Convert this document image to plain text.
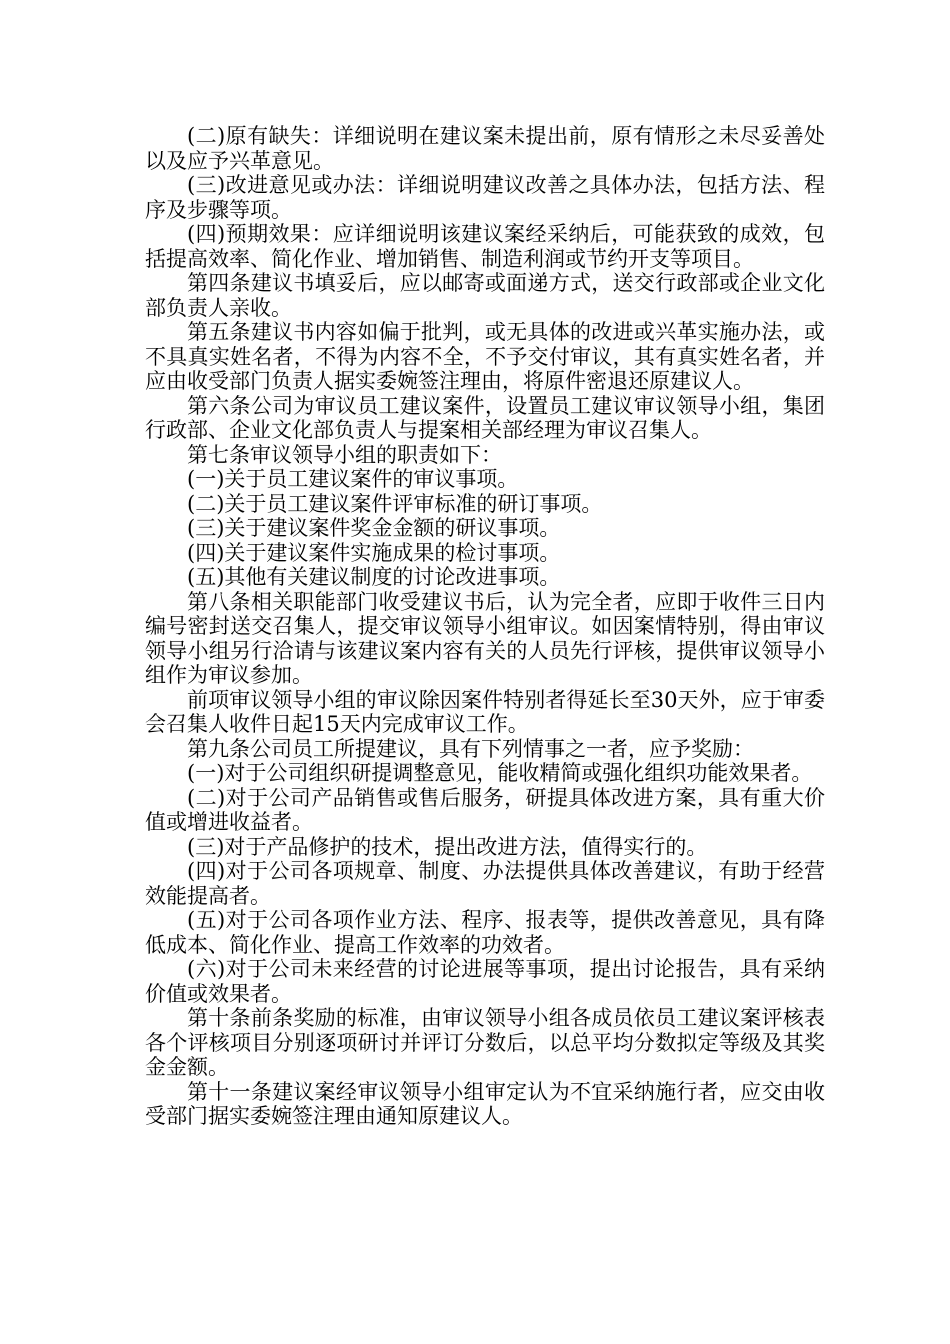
(二)原有缺失：详细说明在建议案未提出前，原有情形之未尽妥善处以及应予兴革意见。

(三)改进意见或办法：详细说明建议改善之具体办法，包括方法、程序及步骤等项。

(四)预期效果：应详细说明该建议案经采纳后，可能获致的成效，包括提高效率、简化作业、增加销售、制造利润或节约开支等项目。

第四条建议书填妥后，应以邮寄或面递方式，送交行政部或企业文化部负责人亲收。

第五条建议书内容如偏于批判，或无具体的改进或兴革实施办法，或不具真实姓名者，不得为内容不全，不予交付审议，其有真实姓名者，并应由收受部门负责人据实委婉签注理由，将原件密退还原建议人。

第六条公司为审议员工建议案件，设置员工建议审议领导小组，集团行政部、企业文化部负责人与提案相关部经理为审议召集人。

第七条审议领导小组的职责如下：

(一)关于员工建议案件的审议事项。

(二)关于员工建议案件评审标准的研订事项。

(三)关于建议案件奖金金额的研议事项。

(四)关于建议案件实施成果的检讨事项。

(五)其他有关建议制度的讨论改进事项。

第八条相关职能部门收受建议书后，认为完全者，应即于收件三日内编号密封送交召集人，提交审议领导小组审议。如因案情特别，得由审议领导小组另行洽请与该建议案内容有关的人员先行评核，提供审议领导小组作为审议参加。

前项审议领导小组的审议除因案件特别者得延长至30天外，应于审委会召集人收件日起15天内完成审议工作。

第九条公司员工所提建议，具有下列情事之一者，应予奖励：

(一)对于公司组织研提调整意见，能收精简或强化组织功能效果者。

(二)对于公司产品销售或售后服务，研提具体改进方案，具有重大价值或增进收益者。

(三)对于产品修护的技术，提出改进方法，值得实行的。

(四)对于公司各项规章、制度、办法提供具体改善建议，有助于经营效能提高者。

(五)对于公司各项作业方法、程序、报表等，提供改善意见，具有降低成本、简化作业、提高工作效率的功效者。

(六)对于公司未来经营的讨论进展等事项，提出讨论报告，具有采纳价值或效果者。

第十条前条奖励的标准，由审议领导小组各成员依员工建议案评核表各个评核项目分别逐项研讨并评订分数后，以总平均分数拟定等级及其奖金金额。

第十一条建议案经审议领导小组审定认为不宜采纳施行者，应交由收受部门据实委婉签注理由通知原建议人。
